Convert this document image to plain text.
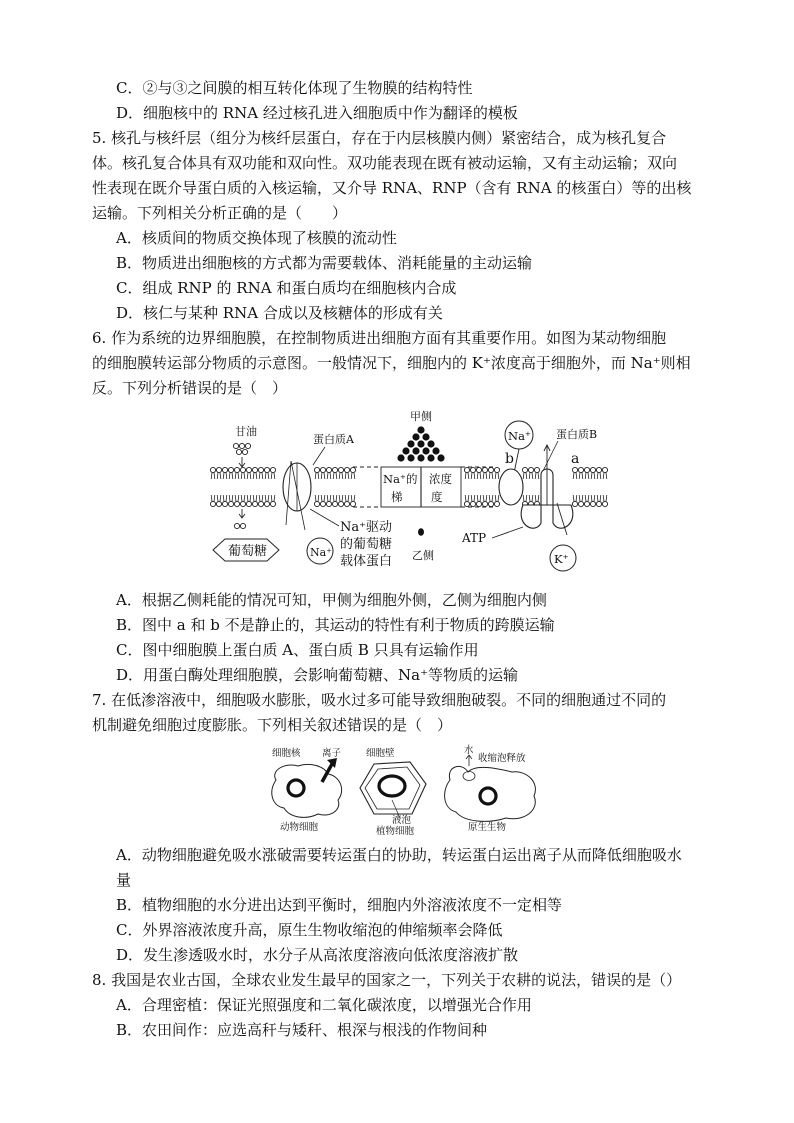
C．②与③之间膜的相互转化体现了生物膜的结构特性
D．细胞核中的 RNA 经过核孔进入细胞质中作为翻译的模板
5. 核孔与核纤层（组分为核纤层蛋白，存在于内层核膜内侧）紧密结合，成为核孔复合
体。核孔复合体具有双功能和双向性。双功能表现在既有被动运输，又有主动运输；双向
性表现在既介导蛋白质的入核运输，又介导 RNA、RNP（含有 RNA 的核蛋白）等的出核
运输。下列相关分析正确的是（　　）
A．核质间的物质交换体现了核膜的流动性
B．物质进出细胞核的方式都为需要载体、消耗能量的主动运输
C．组成 RNP 的 RNA 和蛋白质均在细胞核内合成
D．核仁与某种 RNA 合成以及核糖体的形成有关
6. 作为系统的边界细胞膜，在控制物质进出细胞方面有其重要作用。如图为某动物细胞
的细胞膜转运部分物质的示意图。一般情况下，细胞内的 K⁺浓度高于细胞外，而 Na⁺则相
反。下列分析错误的是（　）
甘油
蛋白质A
Na⁺的 浓度
梯 度
甲侧
乙侧
Na⁺
b
蛋白质B
a
ATP
K⁺
葡萄糖	Na⁺
Na⁺驱动
的葡萄糖
载体蛋白
A．根据乙侧耗能的情况可知，甲侧为细胞外侧，乙侧为细胞内侧
B．图中 a 和 b 不是静止的，其运动的特性有利于物质的跨膜运输
C．图中细胞膜上蛋白质 A、蛋白质 B 只具有运输作用
D．用蛋白酶处理细胞膜，会影响葡萄糖、Na⁺等物质的运输
7. 在低渗溶液中，细胞吸水膨胀，吸水过多可能导致细胞破裂。不同的细胞通过不同的
机制避免细胞过度膨胀。下列相关叙述错误的是（　）
细胞核 离子
动物细胞
细胞壁
液泡
植物细胞
水
收缩泡释放
原生生物
A．动物细胞避免吸水涨破需要转运蛋白的协助，转运蛋白运出离子从而降低细胞吸水
量
B．植物细胞的水分进出达到平衡时，细胞内外溶液浓度不一定相等
C．外界溶液浓度升高，原生生物收缩泡的伸缩频率会降低
D．发生渗透吸水时，水分子从高浓度溶液向低浓度溶液扩散
8. 我国是农业古国，全球农业发生最早的国家之一，下列关于农耕的说法，错误的是（）
A．合理密植：保证光照强度和二氧化碳浓度，以增强光合作用
B．农田间作：应选高秆与矮秆、根深与根浅的作物间种
